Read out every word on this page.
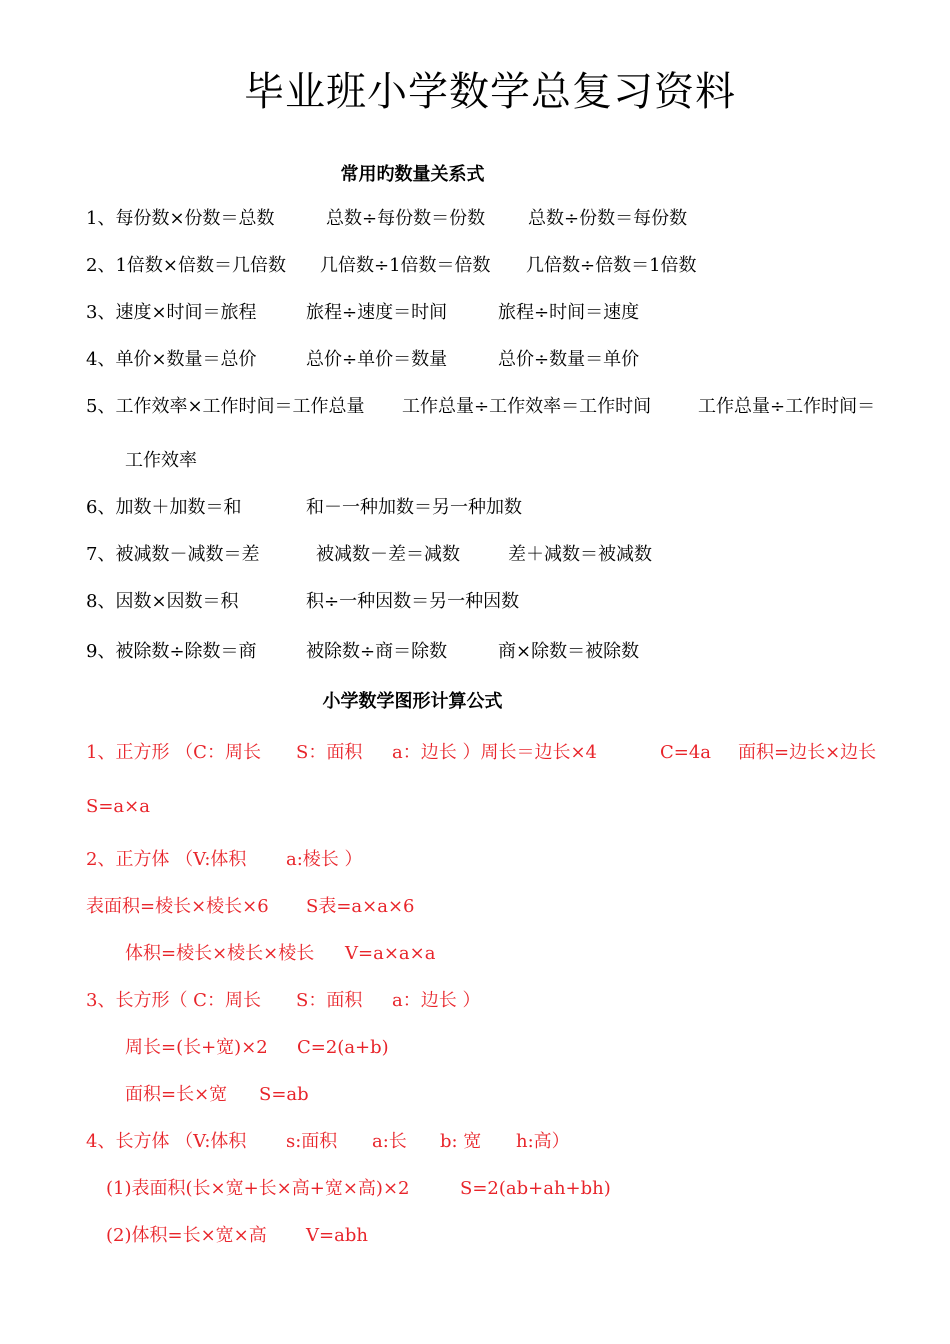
毕业班小学数学总复习资料
常用旳数量关系式
1、每份数×份数＝总数	总数÷每份数＝份数 总数÷份数＝每份数
2、1倍数×倍数＝几倍数 几倍数÷1倍数＝倍数 几倍数÷倍数＝1倍数
3、速度×时间＝旅程	旅程÷速度＝时间	旅程÷时间＝速度
4、单价×数量＝总价	总价÷单价＝数量	总价÷数量＝单价
5、工作效率×工作时间＝工作总量 工作总量÷工作效率＝工作时间	工作总量÷工作时间＝
工作效率
6、加数＋加数＝和	和－一种加数＝另一种加数
7、被减数－减数＝差	被减数－差＝减数	差＋减数＝被减数
8、因数×因数＝积	积÷一种因数＝另一种因数
9、被除数÷除数＝商	被除数÷商＝除数	商×除数＝被除数
小学数学图形计算公式
1、正方形 （C：周长 S：面积 a：边长 ）周长＝边长×4	C=4a 面积=边长×边长
S=a×a
2、正方体 （V:体积 a:棱长 ）
表面积=棱长×棱长×6 S表=a×a×6
体积=棱长×棱长×棱长 V=a×a×a
3、长方形（ C：周长 S：面积 a：边长 ）
周长=(长+宽)×2 C=2(a+b)
面积=长×宽 S=ab
4、长方体 （V:体积 s:面积 a:长 b: 宽 h:高）
(1)表面积(长×宽+长×高+宽×高)×2	S=2(ab+ah+bh)
(2)体积=长×宽×高 V=abh
